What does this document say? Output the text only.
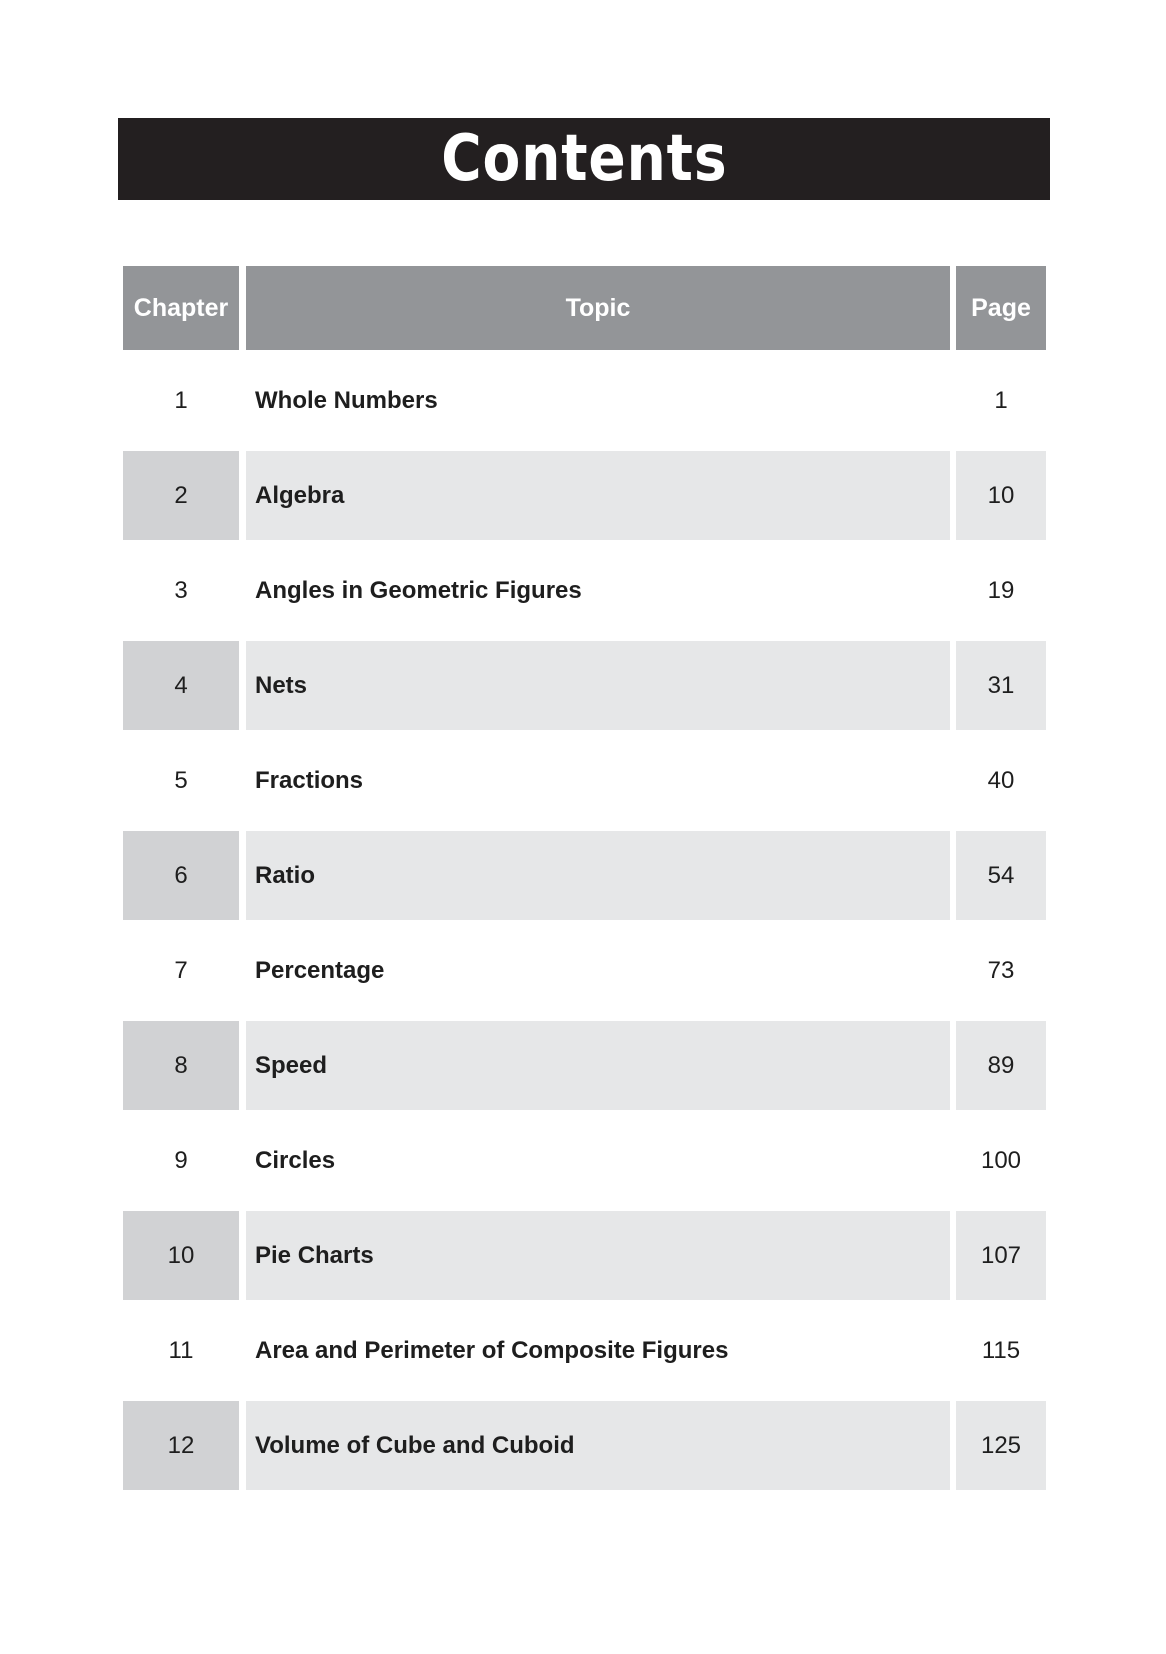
Contents
Chapter	Topic	Page
1	Whole Numbers	1
2	Algebra	10
3	Angles in Geometric Figures	19
4	Nets	31
5	Fractions	40
6	Ratio	54
7	Percentage	73
8	Speed	89
9	Circles	100
10	Pie Charts	107
11	Area and Perimeter of Composite Figures	115
12	Volume of Cube and Cuboid	125
